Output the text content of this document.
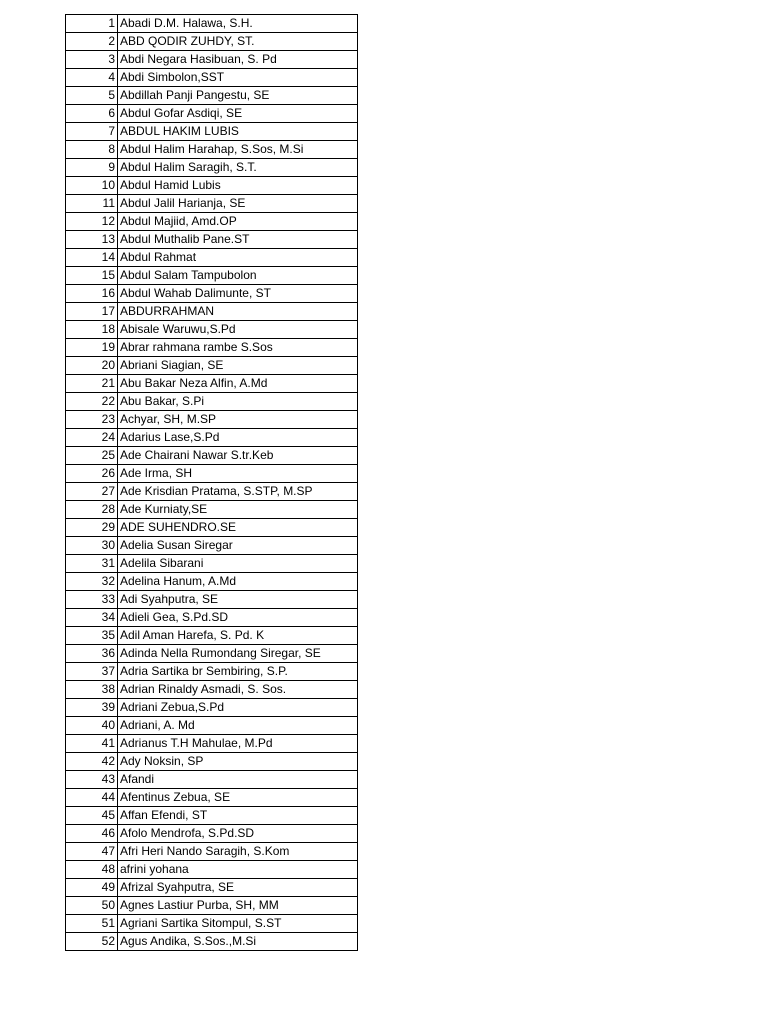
1	Abadi D.M. Halawa, S.H.
2	ABD QODIR ZUHDY, ST.
3	Abdi Negara Hasibuan, S. Pd
4	Abdi Simbolon,SST
5	Abdillah Panji Pangestu, SE
6	Abdul Gofar Asdiqi, SE
7	ABDUL HAKIM LUBIS
8	Abdul Halim Harahap, S.Sos, M.Si
9	Abdul Halim Saragih, S.T.
10	Abdul Hamid Lubis
11	Abdul Jalil Harianja, SE
12	Abdul Majiid, Amd.OP
13	Abdul Muthalib Pane.ST
14	Abdul Rahmat
15	Abdul Salam Tampubolon
16	Abdul Wahab Dalimunte, ST
17	ABDURRAHMAN
18	Abisale Waruwu,S.Pd
19	Abrar rahmana rambe S.Sos
20	Abriani Siagian, SE
21	Abu Bakar Neza Alfin, A.Md
22	Abu Bakar, S.Pi
23	Achyar, SH, M.SP
24	Adarius Lase,S.Pd
25	Ade Chairani Nawar S.tr.Keb
26	Ade Irma, SH
27	Ade Krisdian Pratama, S.STP, M.SP
28	Ade Kurniaty,SE
29	ADE SUHENDRO.SE
30	Adelia Susan Siregar
31	Adelila Sibarani
32	Adelina Hanum, A.Md
33	Adi Syahputra, SE
34	Adieli Gea, S.Pd.SD
35	Adil Aman Harefa, S. Pd. K
36	Adinda Nella Rumondang Siregar, SE
37	Adria Sartika br Sembiring, S.P.
38	Adrian Rinaldy Asmadi, S. Sos.
39	Adriani Zebua,S.Pd
40	Adriani, A. Md
41	Adrianus T.H Mahulae, M.Pd
42	Ady Noksin, SP
43	Afandi
44	Afentinus Zebua, SE
45	Affan Efendi, ST
46	Afolo Mendrofa, S.Pd.SD
47	Afri Heri Nando Saragih, S.Kom
48	afrini yohana
49	Afrizal Syahputra, SE
50	Agnes Lastiur Purba, SH, MM
51	Agriani Sartika Sitompul, S.ST
52	Agus Andika, S.Sos.,M.Si
